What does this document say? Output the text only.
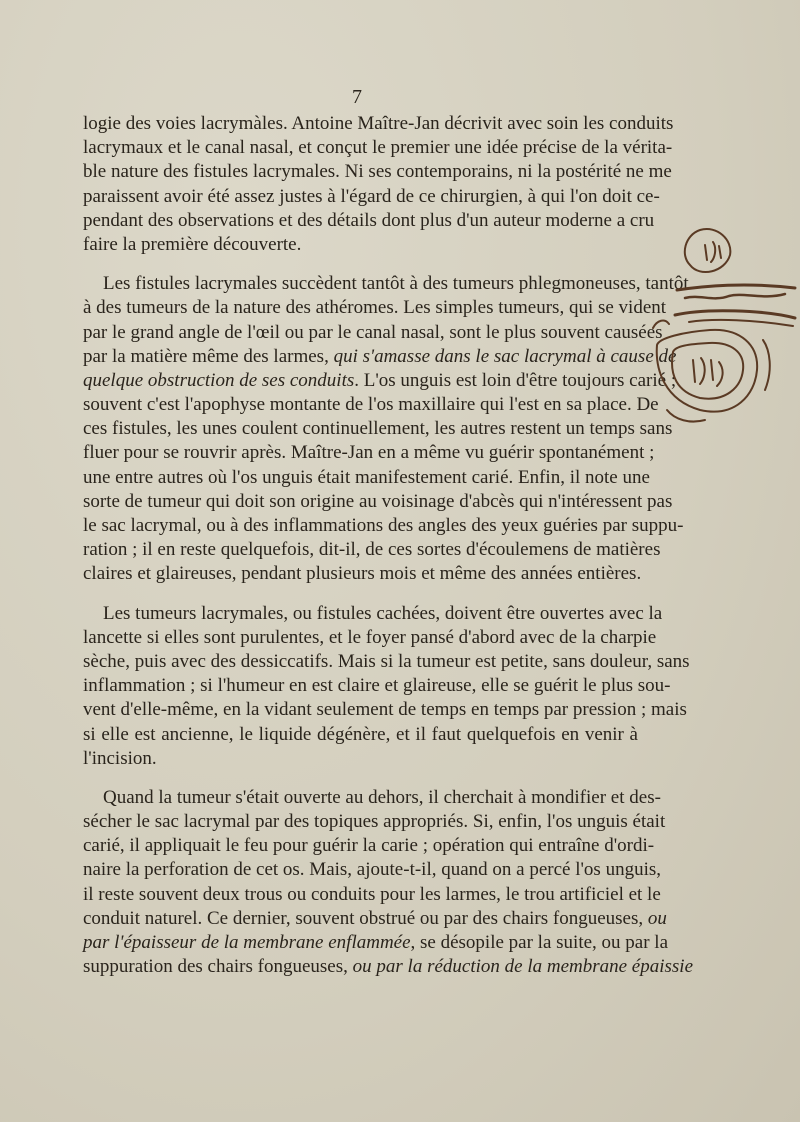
7
logie des voies lacrymàles. Antoine Maître-Jan décrivit avec soin les conduits
lacrymaux et le canal nasal, et conçut le premier une idée précise de la vérita-
ble nature des fistules lacrymales. Ni ses contemporains, ni la postérité ne me
paraissent avoir été assez justes à l'égard de ce chirurgien, à qui l'on doit ce-
pendant des observations et des détails dont plus d'un auteur moderne a cru
faire la première découverte.
Les fistules lacrymales succèdent tantôt à des tumeurs phlegmoneuses, tantôt
à des tumeurs de la nature des athéromes. Les simples tumeurs, qui se vident
par le grand angle de l'œil ou par le canal nasal, sont le plus souvent causées
par la matière même des larmes, qui s'amasse dans le sac lacrymal à cause de
quelque obstruction de ses conduits. L'os unguis est loin d'être toujours carié ;
souvent c'est l'apophyse montante de l'os maxillaire qui l'est en sa place. De
ces fistules, les unes coulent continuellement, les autres restent un temps sans
fluer pour se rouvrir après. Maître-Jan en a même vu guérir spontanément ;
une entre autres où l'os unguis était manifestement carié. Enfin, il note une
sorte de tumeur qui doit son origine au voisinage d'abcès qui n'intéressent pas
le sac lacrymal, ou à des inflammations des angles des yeux guéries par suppu-
ration ; il en reste quelquefois, dit-il, de ces sortes d'écoulemens de matières
claires et glaireuses, pendant plusieurs mois et même des années entières.
Les tumeurs lacrymales, ou fistules cachées, doivent être ouvertes avec la
lancette si elles sont purulentes, et le foyer pansé d'abord avec de la charpie
sèche, puis avec des dessiccatifs. Mais si la tumeur est petite, sans douleur, sans
inflammation ; si l'humeur en est claire et glaireuse, elle se guérit le plus sou-
vent d'elle-même, en la vidant seulement de temps en temps par pression ; mais
si elle est ancienne, le liquide dégénère, et il faut quelquefois en venir à
l'incision.
Quand la tumeur s'était ouverte au dehors, il cherchait à mondifier et des-
sécher le sac lacrymal par des topiques appropriés. Si, enfin, l'os unguis était
carié, il appliquait le feu pour guérir la carie ; opération qui entraîne d'ordi-
naire la perforation de cet os. Mais, ajoute-t-il, quand on a percé l'os unguis,
il reste souvent deux trous ou conduits pour les larmes, le trou artificiel et le
conduit naturel. Ce dernier, souvent obstrué ou par des chairs fongueuses, ou
par l'épaisseur de la membrane enflammée, se désopile par la suite, ou par la
suppuration des chairs fongueuses, ou par la réduction de la membrane épaissie
